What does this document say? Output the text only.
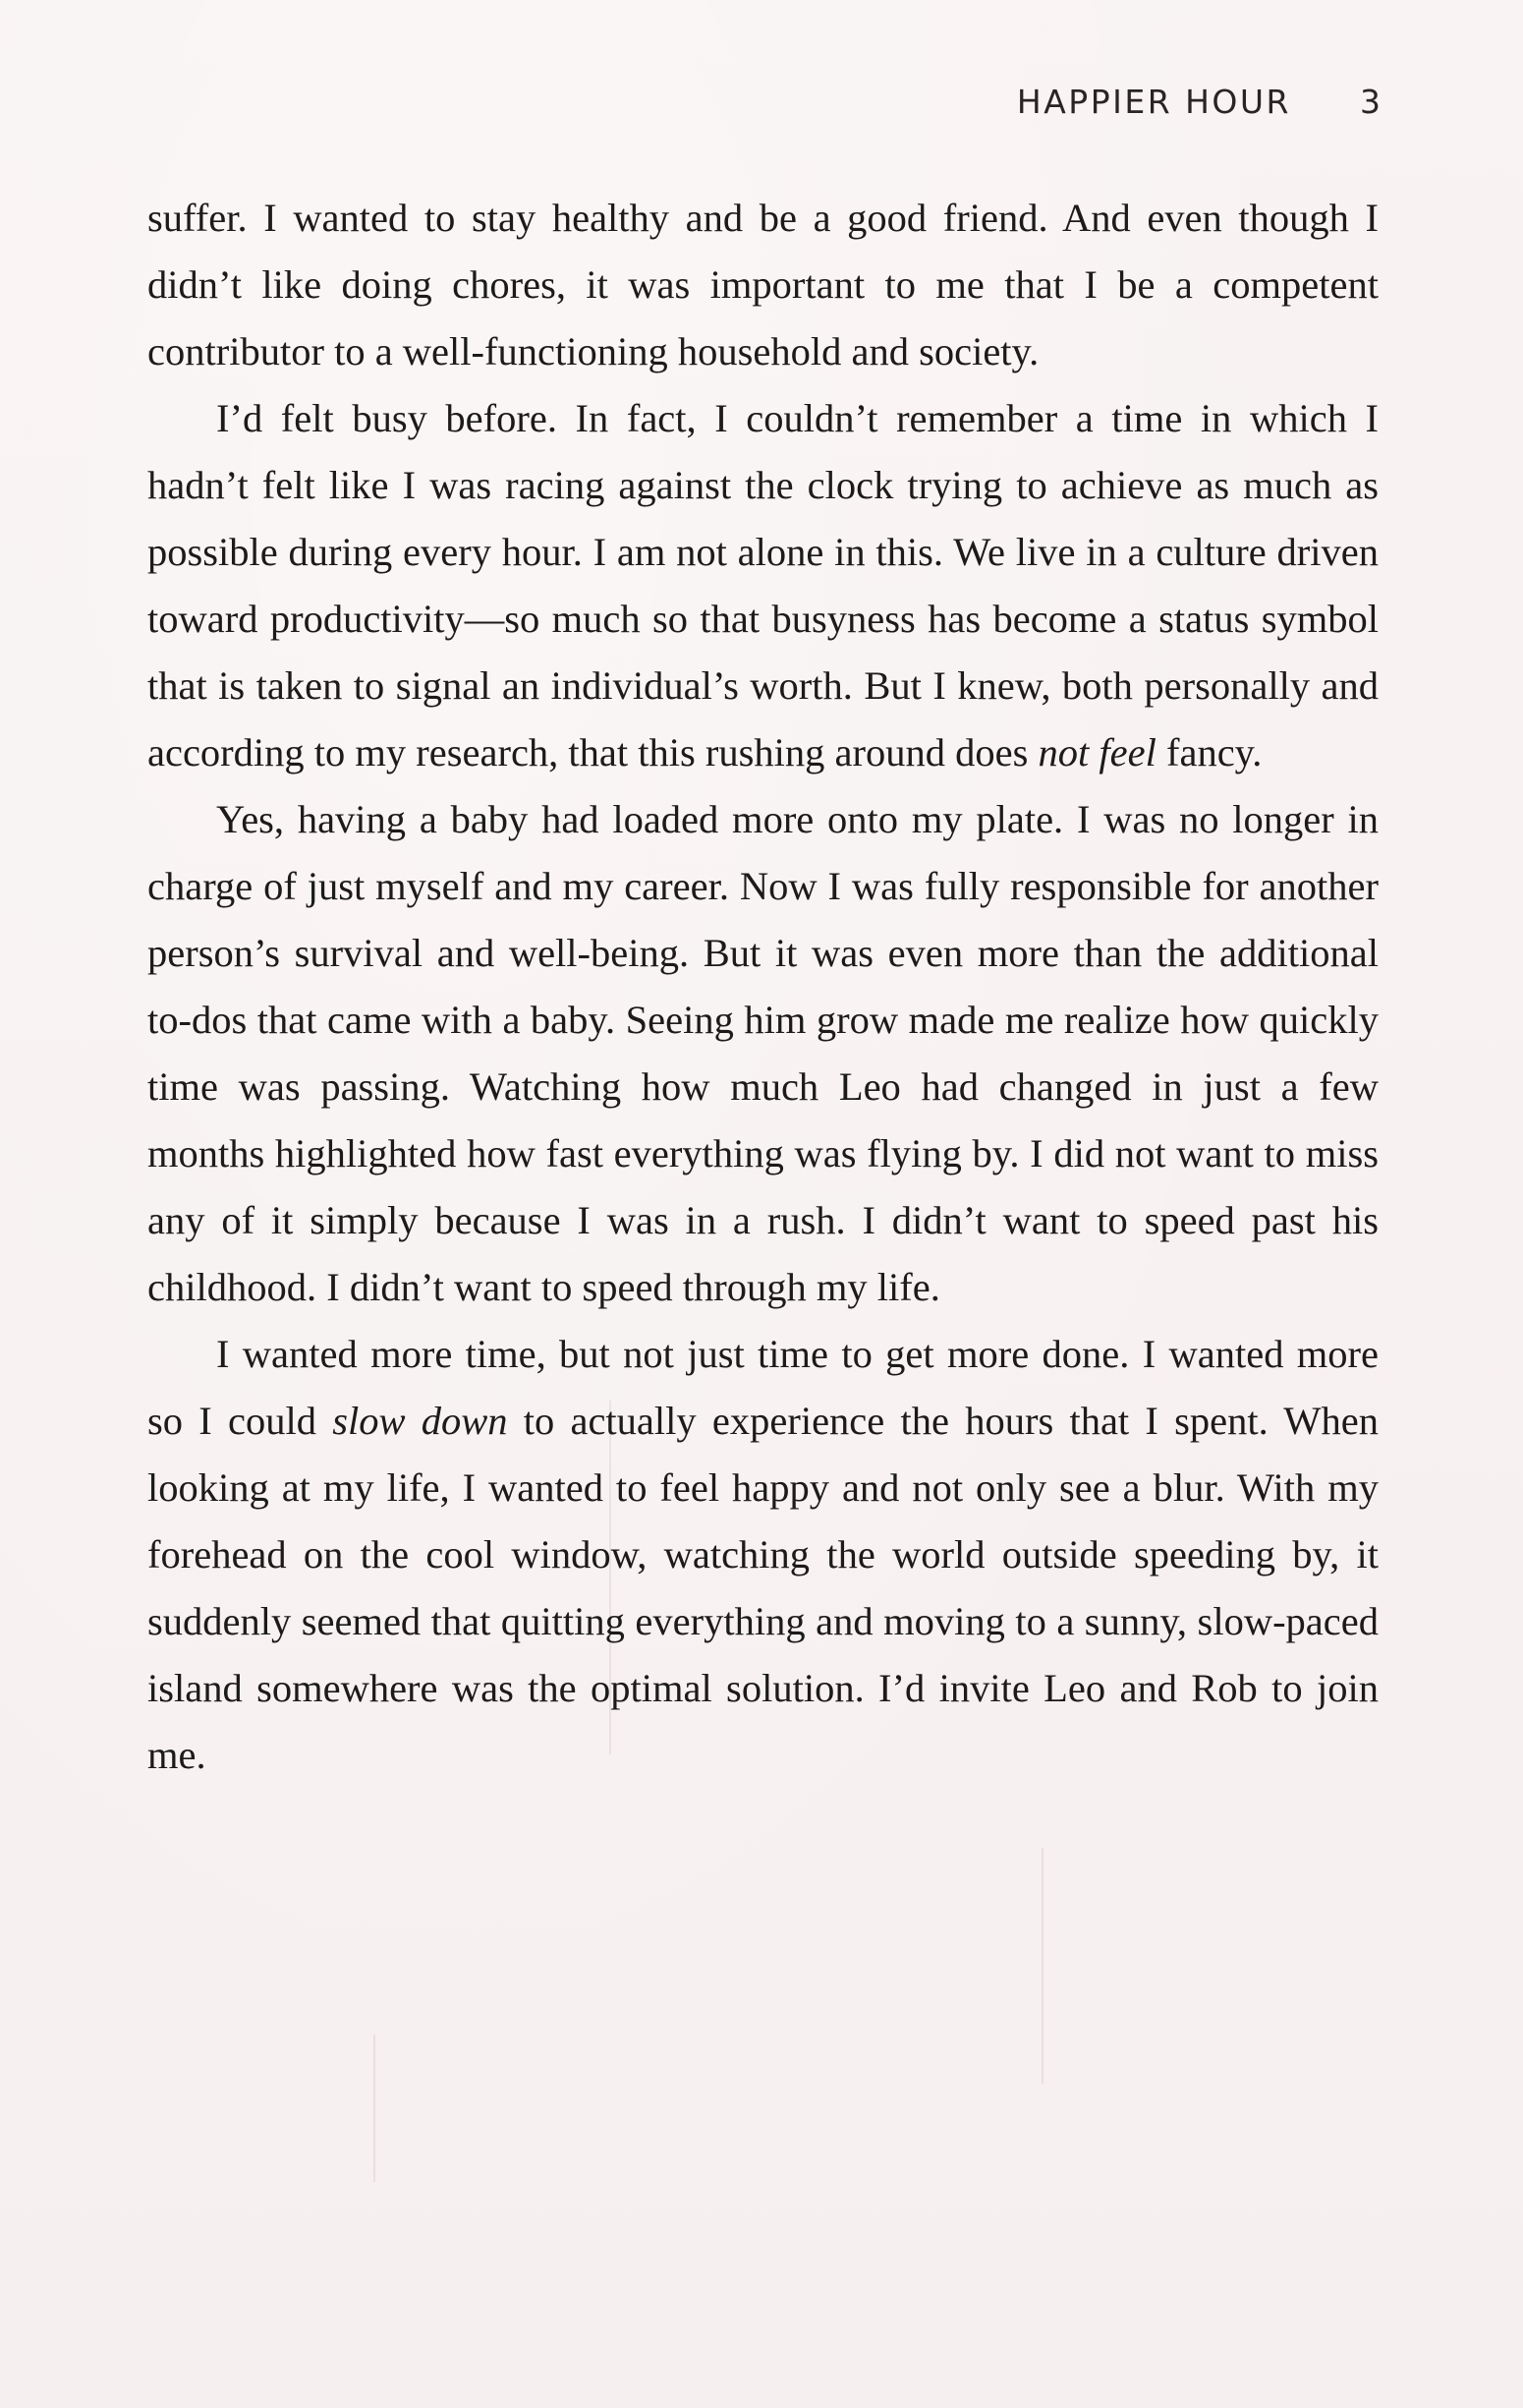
HAPPIER HOUR 3

suffer. I wanted to stay healthy and be a good friend. And even though I didn’t like doing chores, it was important to me that I be a competent contributor to a well-functioning household and society.

I’d felt busy before. In fact, I couldn’t remember a time in which I hadn’t felt like I was racing against the clock trying to achieve as much as possible during every hour. I am not alone in this. We live in a culture driven toward productivity—so much so that busyness has become a status symbol that is taken to signal an individual’s worth. But I knew, both personally and according to my research, that this rushing around does not feel fancy.

Yes, having a baby had loaded more onto my plate. I was no longer in charge of just myself and my career. Now I was fully responsible for another person’s survival and well-being. But it was even more than the additional to-dos that came with a baby. Seeing him grow made me realize how quickly time was passing. Watching how much Leo had changed in just a few months highlighted how fast everything was flying by. I did not want to miss any of it simply because I was in a rush. I didn’t want to speed past his childhood. I didn’t want to speed through my life.

I wanted more time, but not just time to get more done. I wanted more so I could slow down to actually experience the hours that I spent. When looking at my life, I wanted to feel happy and not only see a blur. With my forehead on the cool window, watching the world outside speeding by, it suddenly seemed that quitting everything and moving to a sunny, slow-paced island somewhere was the optimal solution. I’d invite Leo and Rob to join me.
